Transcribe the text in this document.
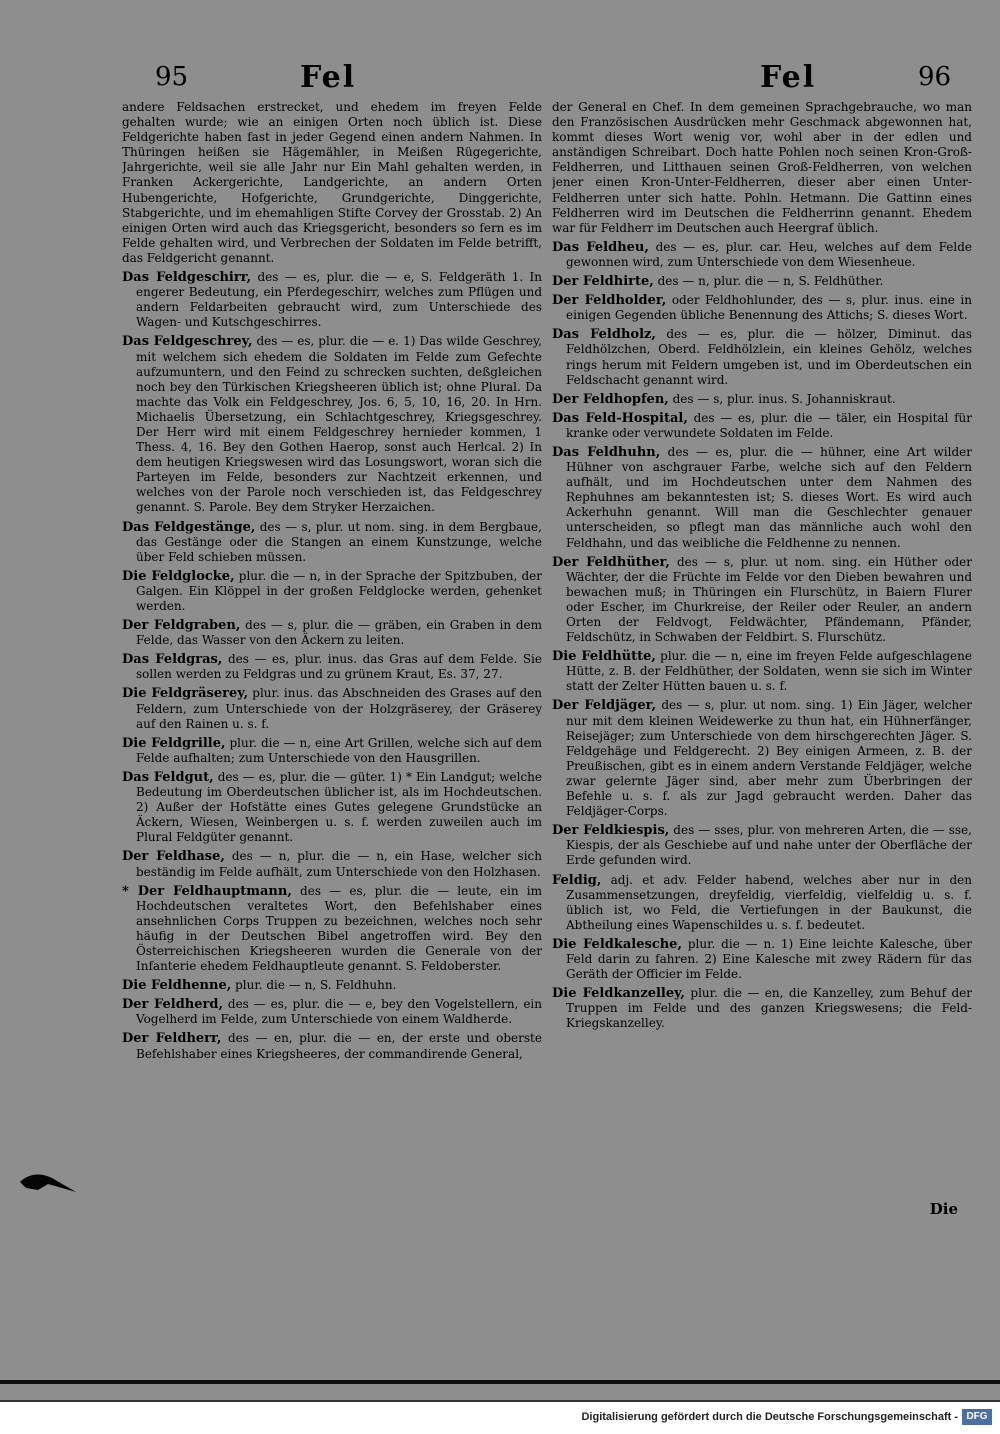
95	Fel	Fel	96

andere Feldsachen erstrecket, und ehedem im freyen Felde gehalten wurde; wie an einigen Orten noch üblich ist. Diese Feldgerichte haben fast in jeder Gegend einen andern Nahmen. In Thüringen heißen sie Hägemähler, in Meißen Rügegerichte, Jahrgerichte, weil sie alle Jahr nur Ein Mahl gehalten werden, in Franken Ackergerichte, Landgerichte, an andern Orten Hubengerichte, Hofgerichte, Grundgerichte, Dinggerichte, Stabgerichte, und im ehemahligen Stifte Corvey der Grosstab. 2) An einigen Orten wird auch das Kriegsgericht, besonders so fern es im Felde gehalten wird, und Verbrechen der Soldaten im Felde betrifft, das Feldgericht genannt.

Das Feldgeschirr, des — es, plur. die — e, S. Feldgeräth 1. In engerer Bedeutung, ein Pferdegeschirr, welches zum Pflügen und andern Feldarbeiten gebraucht wird, zum Unterschiede des Wagen- und Kutschgeschirres.

Das Feldgeschrey, des — es, plur. die — e. 1) Das wilde Geschrey, mit welchem sich ehedem die Soldaten im Felde zum Gefechte aufzumuntern, und den Feind zu schrecken suchten, deßgleichen noch bey den Türkischen Kriegsheeren üblich ist; ohne Plural. Da machte das Volk ein Feldgeschrey, Jos. 6, 5, 10, 16, 20. In Hrn. Michaelis Übersetzung, ein Schlachtgeschrey, Kriegsgeschrey. Der Herr wird mit einem Feldgeschrey hernieder kommen, 1 Thess. 4, 16. Bey den Gothen Haerop, sonst auch Herlcal. 2) In dem heutigen Kriegswesen wird das Losungswort, woran sich die Parteyen im Felde, besonders zur Nachtzeit erkennen, und welches von der Parole noch verschieden ist, das Feldgeschrey genannt. S. Parole. Bey dem Stryker Herzaichen.

Das Feldgestänge, des — s, plur. ut nom. sing. in dem Bergbaue, das Gestänge oder die Stangen an einem Kunstzunge, welche über Feld schieben müssen.

Die Feldglocke, plur. die — n, in der Sprache der Spitzbuben, der Galgen. Ein Klöppel in der großen Feldglocke werden, gehenket werden.

Der Feldgraben, des — s, plur. die — gräben, ein Graben in dem Felde, das Wasser von den Äckern zu leiten.

Das Feldgras, des — es, plur. inus. das Gras auf dem Felde. Sie sollen werden zu Feldgras und zu grünem Kraut, Es. 37, 27.

Die Feldgräserey, plur. inus. das Abschneiden des Grases auf den Feldern, zum Unterschiede von der Holzgräserey, der Gräserey auf den Rainen u. s. f.

Die Feldgrille, plur. die — n, eine Art Grillen, welche sich auf dem Felde aufhalten; zum Unterschiede von den Hausgrillen.

Das Feldgut, des — es, plur. die — güter. 1) * Ein Landgut; welche Bedeutung im Oberdeutschen üblicher ist, als im Hochdeutschen. 2) Außer der Hofstätte eines Gutes gelegene Grundstücke an Äckern, Wiesen, Weinbergen u. s. f. werden zuweilen auch im Plural Feldgüter genannt.

Der Feldhase, des — n, plur. die — n, ein Hase, welcher sich beständig im Felde aufhält, zum Unterschiede von den Holzhasen.

* Der Feldhauptmann, des — es, plur. die — leute, ein im Hochdeutschen veraltetes Wort, den Befehlshaber eines ansehnlichen Corps Truppen zu bezeichnen, welches noch sehr häufig in der Deutschen Bibel angetroffen wird. Bey den Österreichischen Kriegsheeren wurden die Generale von der Infanterie ehedem Feldhauptleute genannt. S. Feldoberster.

Die Feldhenne, plur. die — n, S. Feldhuhn.

Der Feldherd, des — es, plur. die — e, bey den Vogelstellern, ein Vogelherd im Felde, zum Unterschiede von einem Waldherde.

Der Feldherr, des — en, plur. die — en, der erste und oberste Befehlshaber eines Kriegsheeres, der commandirende General,

der General en Chef. In dem gemeinen Sprachgebrauche, wo man den Französischen Ausdrücken mehr Geschmack abgewonnen hat, kommt dieses Wort wenig vor, wohl aber in der edlen und anständigen Schreibart. Doch hatte Pohlen noch seinen Kron-Groß-Feldherren, und Litthauen seinen Groß-Feldherren, von welchen jener einen Kron-Unter-Feldherren, dieser aber einen Unter-Feldherren unter sich hatte. Pohln. Hetmann. Die Gattinn eines Feldherren wird im Deutschen die Feldherrinn genannt. Ehedem war für Feldherr im Deutschen auch Heergraf üblich.

Das Feldheu, des — es, plur. car. Heu, welches auf dem Felde gewonnen wird, zum Unterschiede von dem Wiesenheue.

Der Feldhirte, des — n, plur. die — n, S. Feldhüther.

Der Feldholder, oder Feldhohlunder, des — s, plur. inus. eine in einigen Gegenden übliche Benennung des Attichs; S. dieses Wort.

Das Feldholz, des — es, plur. die — hölzer, Diminut. das Feldhölzchen, Oberd. Feldhölzlein, ein kleines Gehölz, welches rings herum mit Feldern umgeben ist, und im Oberdeutschen ein Feldschacht genannt wird.

Der Feldhopfen, des — s, plur. inus. S. Johanniskraut.

Das Feld-Hospital, des — es, plur. die — täler, ein Hospital für kranke oder verwundete Soldaten im Felde.

Das Feldhuhn, des — es, plur. die — hühner, eine Art wilder Hühner von aschgrauer Farbe, welche sich auf den Feldern aufhält, und im Hochdeutschen unter dem Nahmen des Rephuhnes am bekanntesten ist; S. dieses Wort. Es wird auch Ackerhuhn genannt. Will man die Geschlechter genauer unterscheiden, so pflegt man das männliche auch wohl den Feldhahn, und das weibliche die Feldhenne zu nennen.

Der Feldhüther, des — s, plur. ut nom. sing. ein Hüther oder Wächter, der die Früchte im Felde vor den Dieben bewahren und bewachen muß; in Thüringen ein Flurschütz, in Baiern Flurer oder Escher, im Churkreise, der Reiler oder Reuler, an andern Orten der Feldvogt, Feldwächter, Pfändemann, Pfänder, Feldschütz, in Schwaben der Feldbirt. S. Flurschütz.

Die Feldhütte, plur. die — n, eine im freyen Felde aufgeschlagene Hütte, z. B. der Feldhüther, der Soldaten, wenn sie sich im Winter statt der Zelter Hütten bauen u. s. f.

Der Feldjäger, des — s, plur. ut nom. sing. 1) Ein Jäger, welcher nur mit dem kleinen Weidewerke zu thun hat, ein Hühnerfänger, Reisejäger; zum Unterschiede von dem hirschgerechten Jäger. S. Feldgehäge und Feldgerecht. 2) Bey einigen Armeen, z. B. der Preußischen, gibt es in einem andern Verstande Feldjäger, welche zwar gelernte Jäger sind, aber mehr zum Überbringen der Befehle u. s. f. als zur Jagd gebraucht werden. Daher das Feldjäger-Corps.

Der Feldkiespis, des — sses, plur. von mehreren Arten, die — sse, Kiespis, der als Geschiebe auf und nahe unter der Oberfläche der Erde gefunden wird.

Feldig, adj. et adv. Felder habend, welches aber nur in den Zusammensetzungen, dreyfeldig, vierfeldig, vielfeldig u. s. f. üblich ist, wo Feld, die Vertiefungen in der Baukunst, die Abtheilung eines Wapenschildes u. s. f. bedeutet.

Die Feldkalesche, plur. die — n. 1) Eine leichte Kalesche, über Feld darin zu fahren. 2) Eine Kalesche mit zwey Rädern für das Geräth der Officier im Felde.

Die Feldkanzelley, plur. die — en, die Kanzelley, zum Behuf der Truppen im Felde und des ganzen Kriegswesens; die Feld-Kriegskanzelley.

Die
Digitalisierung gefördert durch die Deutsche Forschungsgemeinschaft - DFG
